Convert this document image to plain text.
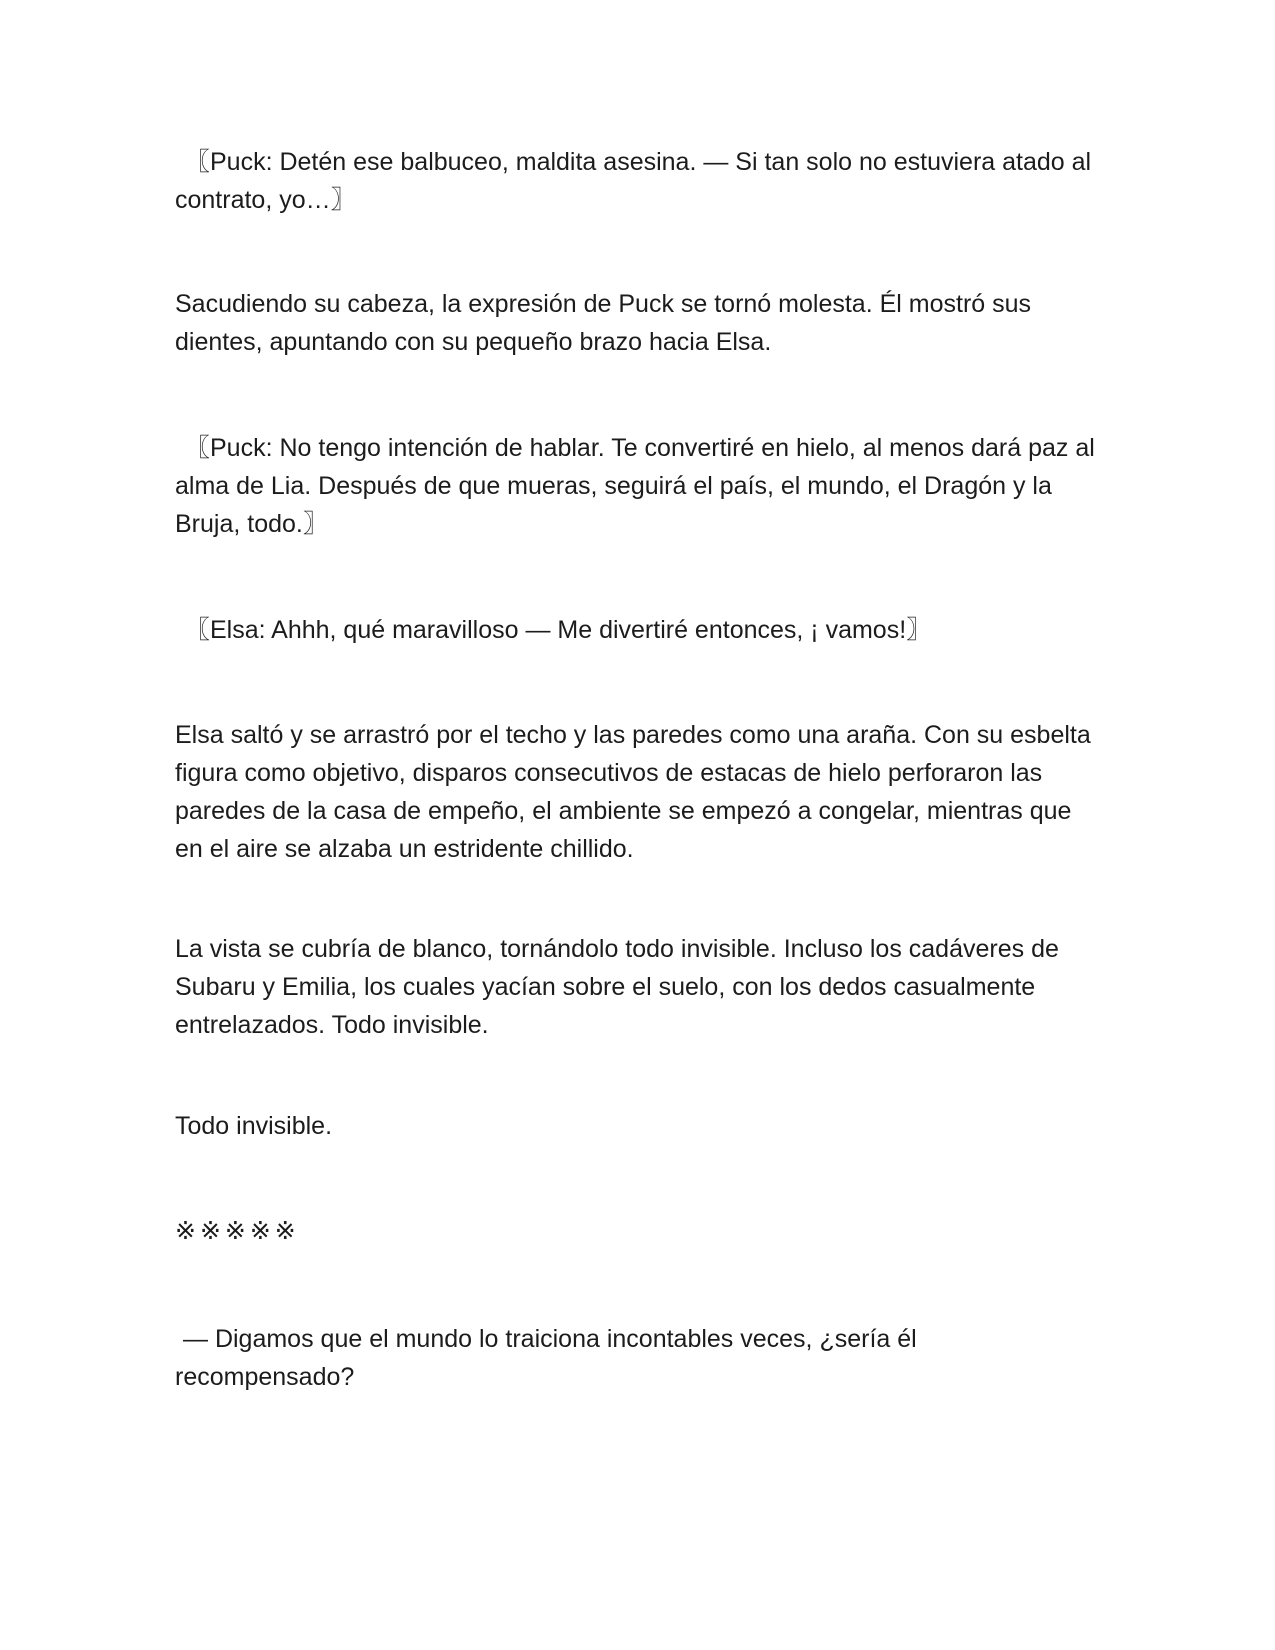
〖Puck: Detén ese balbuceo, maldita asesina. — Si tan solo no estuviera atado al contrato, yo…〗

Sacudiendo su cabeza, la expresión de Puck se tornó molesta. Él mostró sus dientes, apuntando con su pequeño brazo hacia Elsa.

〖Puck: No tengo intención de hablar. Te convertiré en hielo, al menos dará paz al alma de Lia. Después de que mueras, seguirá el país, el mundo, el Dragón y la Bruja, todo.〗

〖Elsa: Ahhh, qué maravilloso — Me divertiré entonces, ¡ vamos!〗

Elsa saltó y se arrastró por el techo y las paredes como una araña. Con su esbelta figura como objetivo, disparos consecutivos de estacas de hielo perforaron las paredes de la casa de empeño, el ambiente se empezó a congelar, mientras que en el aire se alzaba un estridente chillido.

La vista se cubría de blanco, tornándolo todo invisible. Incluso los cadáveres de Subaru y Emilia, los cuales yacían sobre el suelo, con los dedos casualmente entrelazados. Todo invisible.

Todo invisible.

※※※※※

— Digamos que el mundo lo traiciona incontables veces, ¿sería él recompensado?
